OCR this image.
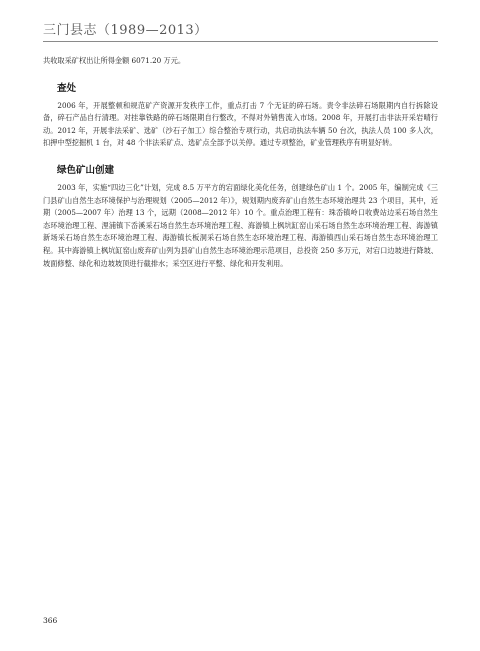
三门县志（1989—2013）

共收取采矿权出让所得金额 6071.20 万元。

查处

2006 年，开展整顿和规范矿产资源开发秩序工作，重点打击 7 个无证的碎石场。责令非法碎石场限期内自行拆除设备，碎石产品自行清理。对挂靠铁路的碎石场限期自行整改，不得对外销售流入市场。2008 年，开展打击非法开采岩晴行动。2012 年，开展非法采矿、选矿（沙石子加工）综合整治专项行动，共启动执法车辆 50 台次，执法人员 100 多人次，扣押中型挖掘机 1 台，对 48 个非法采矿点、选矿点全部予以关停。通过专项整治，矿业管理秩序有明显好转。

绿色矿山创建

2003 年，实施“四边三化”计划，完成 8.5 万平方的宕面绿化美化任务，创建绿色矿山 1 个。2005 年，编制完成《三门县矿山自然生态环境保护与治理规划（2005—2012 年）》，规划期内废弃矿山自然生态环境治理共 23 个项目，其中，近期（2005—2007 年）治理 13 个，远期（2008—2012 年）10 个。重点治理工程有：珠岙镇岭口收费站边采石场自然生态环境治理工程、浬浦镇下岙溪采石场自然生态环境治理工程、海游镇上枫坑缸窑山采石场自然生态环境治理工程、海游镇新场采石场自然生态环境治理工程、海游镇长板洞采石场自然生态环境治理工程、海游镇西山采石场自然生态环境治理工程。其中海游镇上枫坑缸窑山废弃矿山列为县矿山自然生态环境治理示范项目，总投资 250 多万元，对宕口边坡进行降坡、坡面修整、绿化和边坡坡顶进行截排水；采空区进行平整、绿化和开发利用。

366
